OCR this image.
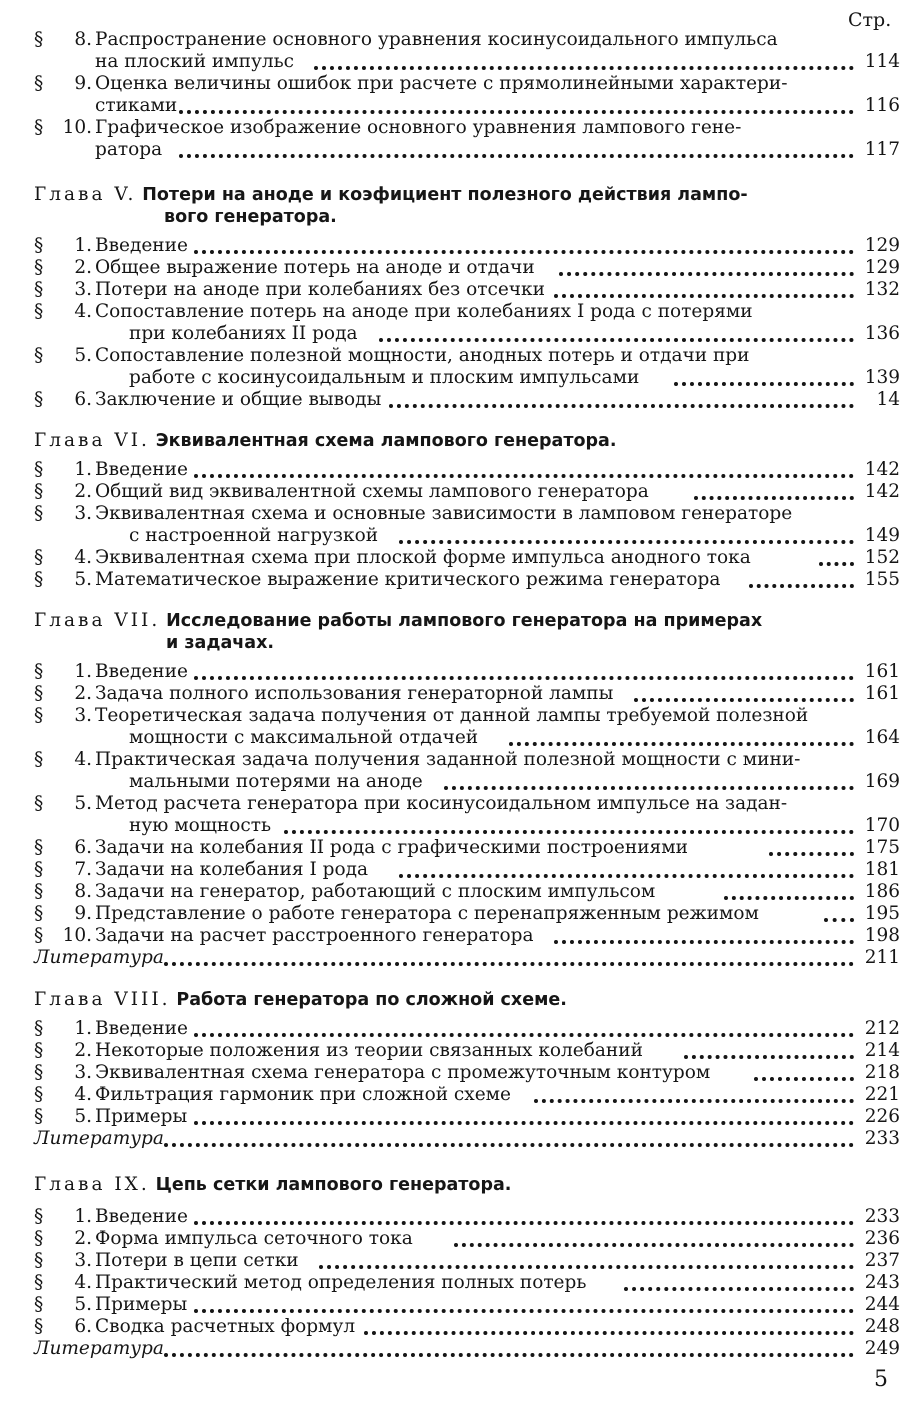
Стр.
§	8. Распространение основного уравнения косинусоидального импульса
на плоский импульс	114
§	9. Оценка величины ошибок при расчете с прямолинейными характери-
стиками	116
§	10. Графическое изображение основного уравнения лампового гене-
ратора	117
Глава V. Потери на аноде и коэфициент полезного действия лампо-
вого генератора.
§	1. Введение	129
§	2. Общее выражение потерь на аноде и отдачи	129
§	3. Потери на аноде при колебаниях без отсечки	132
§	4. Сопоставление потерь на аноде при колебаниях I рода с потерями
при колебаниях II рода	136
§	5. Сопоставление полезной мощности, анодных потерь и отдачи при
работе с косинусоидальным и плоским импульсами	139
§	6. Заключение и общие выводы	14
Глава VI. Эквивалентная схема лампового генератора.
§	1. Введение	142
§	2. Общий вид эквивалентной схемы лампового генератора	142
§	3. Эквивалентная схема и основные зависимости в ламповом генераторе
с настроенной нагрузкой	149
§	4. Эквивалентная схема при плоской форме импульса анодного тока	152
§	5. Математическое выражение критического режима генератора	155
Глава VII. Исследование работы лампового генератора на примерах
и задачах.
§	1. Введение	161
§	2. Задача полного использования генераторной лампы	161
§	3. Теоретическая задача получения от данной лампы требуемой полезной
мощности с максимальной отдачей	164
§	4. Практическая задача получения заданной полезной мощности с мини-
мальными потерями на аноде	169
§	5. Метод расчета генератора при косинусоидальном импульсе на задан-
ную мощность	170
§	6. Задачи на колебания II рода с графическими построениями	175
§	7. Задачи на колебания I рода	181
§	8. Задачи на генератор, работающий с плоским импульсом	186
§	9. Представление о работе генератора с перенапряженным режимом	195
§	10. Задачи на расчет расстроенного генератора	198
Литература	211
Глава VIII. Работа генератора по сложной схеме.
§	1. Введение	212
§	2. Некоторые положения из теории связанных колебаний	214
§	3. Эквивалентная схема генератора с промежуточным контуром	218
§	4. Фильтрация гармоник при сложной схеме	221
§	5. Примеры	226
Литература	233
Глава IX. Цепь сетки лампового генератора.
§	1. Введение	233
§	2. Форма импульса сеточного тока	236
§	3. Потери в цепи сетки	237
§	4. Практический метод определения полных потерь	243
§	5. Примеры	244
§	6. Сводка расчетных формул	248
Литература	249
5
